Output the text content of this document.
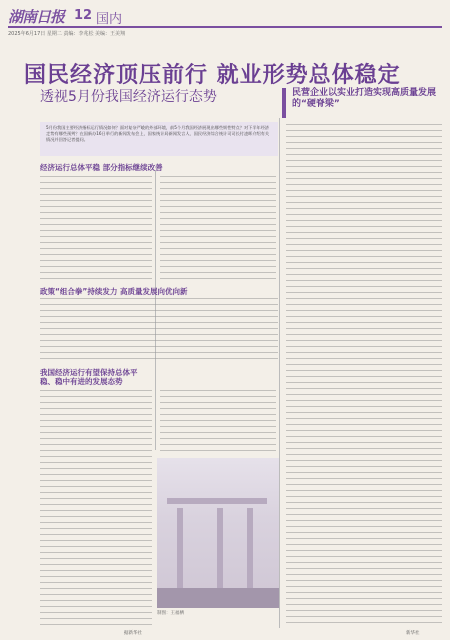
湖南日报 12 国内
2025年6月17日 星期二 责编：李兆松 美编：王美翔
国民经济顶压前行 就业形势总体稳定
透视5月份我国经济运行态势
5月份我国主要经济指标运行情况如何？面对复杂严峻的外部环境，前5个月我国经济展现出哪些韧性特点？对下半年经济走势有哪些预判？在国新办16日举行的新闻发布会上，国家统计局新闻发言人、国民经济综合统计司司长付凌晖介绍有关情况并回答记者提问。
民营企业以实业打造实现高质量发展的“硬脊梁”
经济运行总体平稳 部分指标继续改善
政策“组合拳”持续发力 高质量发展向优向新
我国经济运行有望保持总体平稳、稳中有进的发展态势
制图：王福栖
据新华社	新华社
